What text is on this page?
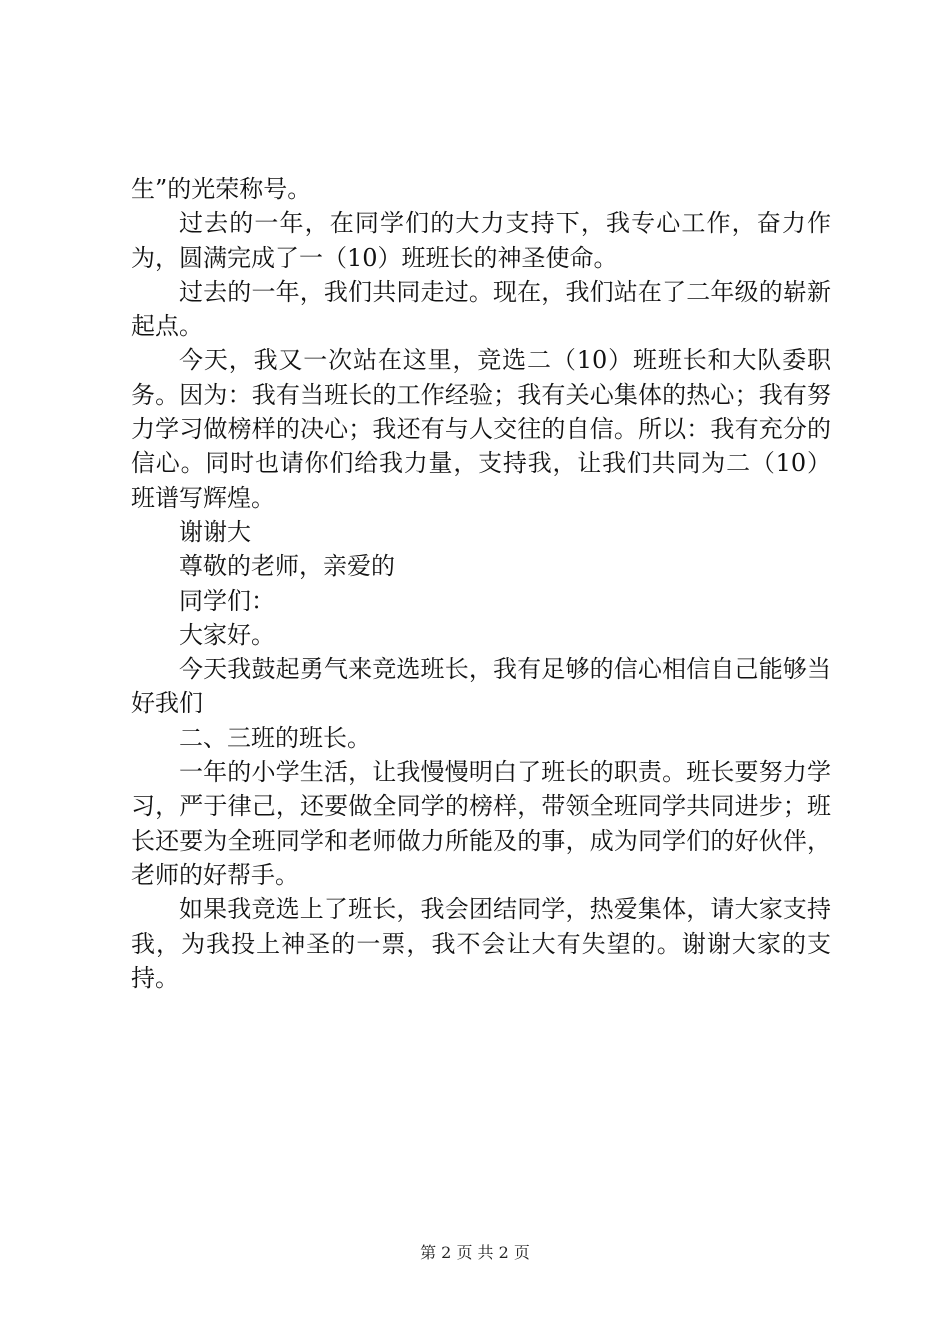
生”的光荣称号。

过去的一年，在同学们的大力支持下，我专心工作，奋力作为，圆满完成了一（10）班班长的神圣使命。

过去的一年，我们共同走过。现在，我们站在了二年级的崭新起点。

今天，我又一次站在这里，竞选二（10）班班长和大队委职务。因为：我有当班长的工作经验；我有关心集体的热心；我有努力学习做榜样的决心；我还有与人交往的自信。所以：我有充分的信心。同时也请你们给我力量，支持我，让我们共同为二（10）班谱写辉煌。

谢谢大

尊敬的老师，亲爱的

同学们：

大家好。

今天我鼓起勇气来竞选班长，我有足够的信心相信自己能够当好我们

二、三班的班长。

一年的小学生活，让我慢慢明白了班长的职责。班长要努力学习，严于律己，还要做全同学的榜样，带领全班同学共同进步；班长还要为全班同学和老师做力所能及的事，成为同学们的好伙伴，老师的好帮手。

如果我竞选上了班长，我会团结同学，热爱集体，请大家支持我，为我投上神圣的一票，我不会让大有失望的。谢谢大家的支持。

第 2 页 共 2 页
